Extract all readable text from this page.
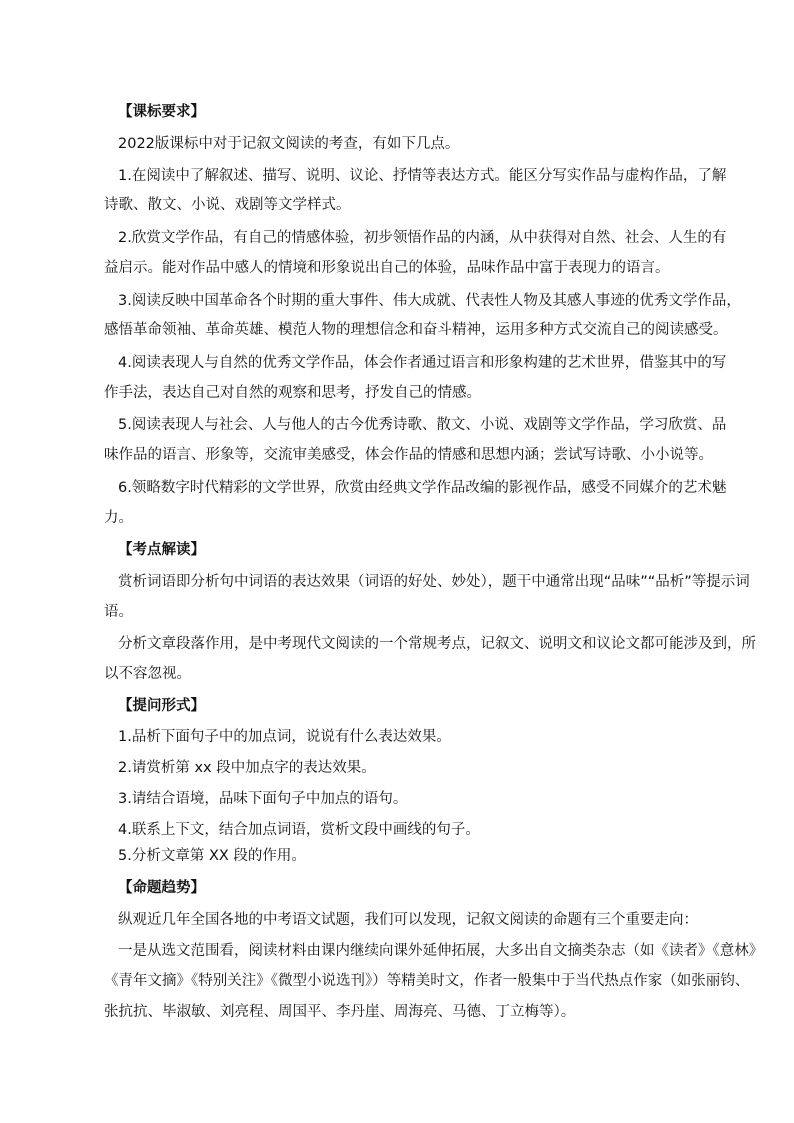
【课标要求】
2022版课标中对于记叙文阅读的考查，有如下几点。
1.在阅读中了解叙述、描写、说明、议论、抒情等表达方式。能区分写实作品与虚构作品，了解
诗歌、散文、小说、戏剧等文学样式。
2.欣赏文学作品，有自己的情感体验，初步领悟作品的内涵，从中获得对自然、社会、人生的有
益启示。能对作品中感人的情境和形象说出自己的体验，品味作品中富于表现力的语言。
3.阅读反映中国革命各个时期的重大事件、伟大成就、代表性人物及其感人事迹的优秀文学作品，
感悟革命领袖、革命英雄、模范人物的理想信念和奋斗精神，运用多种方式交流自己的阅读感受。
4.阅读表现人与自然的优秀文学作品，体会作者通过语言和形象构建的艺术世界，借鉴其中的写
作手法，表达自己对自然的观察和思考，抒发自己的情感。
5.阅读表现人与社会、人与他人的古今优秀诗歌、散文、小说、戏剧等文学作品，学习欣赏、品
味作品的语言、形象等，交流审美感受，体会作品的情感和思想内涵；尝试写诗歌、小小说等。
6.领略数字时代精彩的文学世界，欣赏由经典文学作品改编的影视作品，感受不同媒介的艺术魅
力。
【考点解读】
赏析词语即分析句中词语的表达效果（词语的好处、妙处），题干中通常出现“品味”“品析”等提示词
语。
分析文章段落作用，是中考现代文阅读的一个常规考点，记叙文、说明文和议论文都可能涉及到，所
以不容忽视。
【提问形式】
1.品析下面句子中的加点词，说说有什么表达效果。
2.请赏析第 xx 段中加点字的表达效果。
3.请结合语境，品味下面句子中加点的语句。
4.联系上下文，结合加点词语，赏析文段中画线的句子。
5.分析文章第 XX 段的作用。
【命题趋势】
纵观近几年全国各地的中考语文试题，我们可以发现，记叙文阅读的命题有三个重要走向：
一是从选文范围看，阅读材料由课内继续向课外延伸拓展，大多出自文摘类杂志（如《读者》《意林》
《青年文摘》《特别关注》《微型小说选刊》）等精美时文，作者一般集中于当代热点作家（如张丽钧、
张抗抗、毕淑敏、刘亮程、周国平、李丹崖、周海亮、马德、丁立梅等）。
